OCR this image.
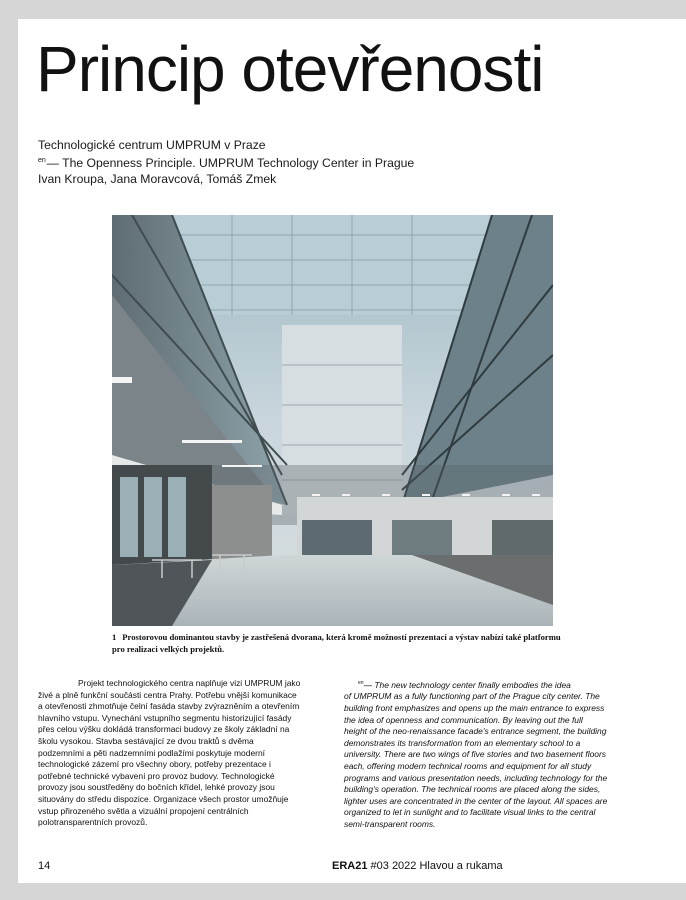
Princip otevřenosti
Technologické centrum UMPRUM v Praze
$^{en}$— The Openness Principle. UMPRUM Technology Center in Prague
Ivan Kroupa, Jana Moravcová, Tomáš Zmek
1 Prostorovou dominantou stavby je zastřešená dvorana, která kromě možností prezentací a výstav nabízí také platformu pro realizaci velkých projektů.
Projekt technologického centra naplňuje vizi UMPRUM jako živé a plně funkční součásti centra Prahy. Potřebu vnější komunikace a otevřenosti zhmotňuje čelní fasáda stavby zvýrazněním a otevřením hlavního vstupu. Vynechání vstupního segmentu historizující fasády přes celou výšku dokládá transformaci budovy ze školy základní na školu vysokou. Stavba sestávající ze dvou traktů s dvěma podzemními a pěti nadzemními podlažími poskytuje moderní technologické zázemí pro všechny obory, potřeby prezentace i potřebné technické vybavení pro provoz budovy. Technologické provozy jsou soustředěny do bočních křídel, lehké provozy jsou situovány do středu dispozice. Organizace všech prostor umožňuje vstup přirozeného světla a vizuální propojení centrálních polotransparentních provozů.
$^{en}$— The new technology center finally embodies the idea
of UMPRUM as a fully functioning part of the Prague city center. The building front emphasizes and opens up the main entrance to express the idea of openness and communication. By leaving out the full height of the neo-renaissance facade's entrance segment, the building demonstrates its transformation from an elementary school to a university. There are two wings of five stories and two basement floors each, offering modern technical rooms and equipment for all study programs and various presentation needs, including technology for the building's operation. The technical rooms are placed along the sides, lighter uses are concentrated in the center of the layout. All spaces are organized to let in sunlight and to facilitate visual links to the central semi-transparent rooms.
14	ERA21 #03 2022 Hlavou a rukama
